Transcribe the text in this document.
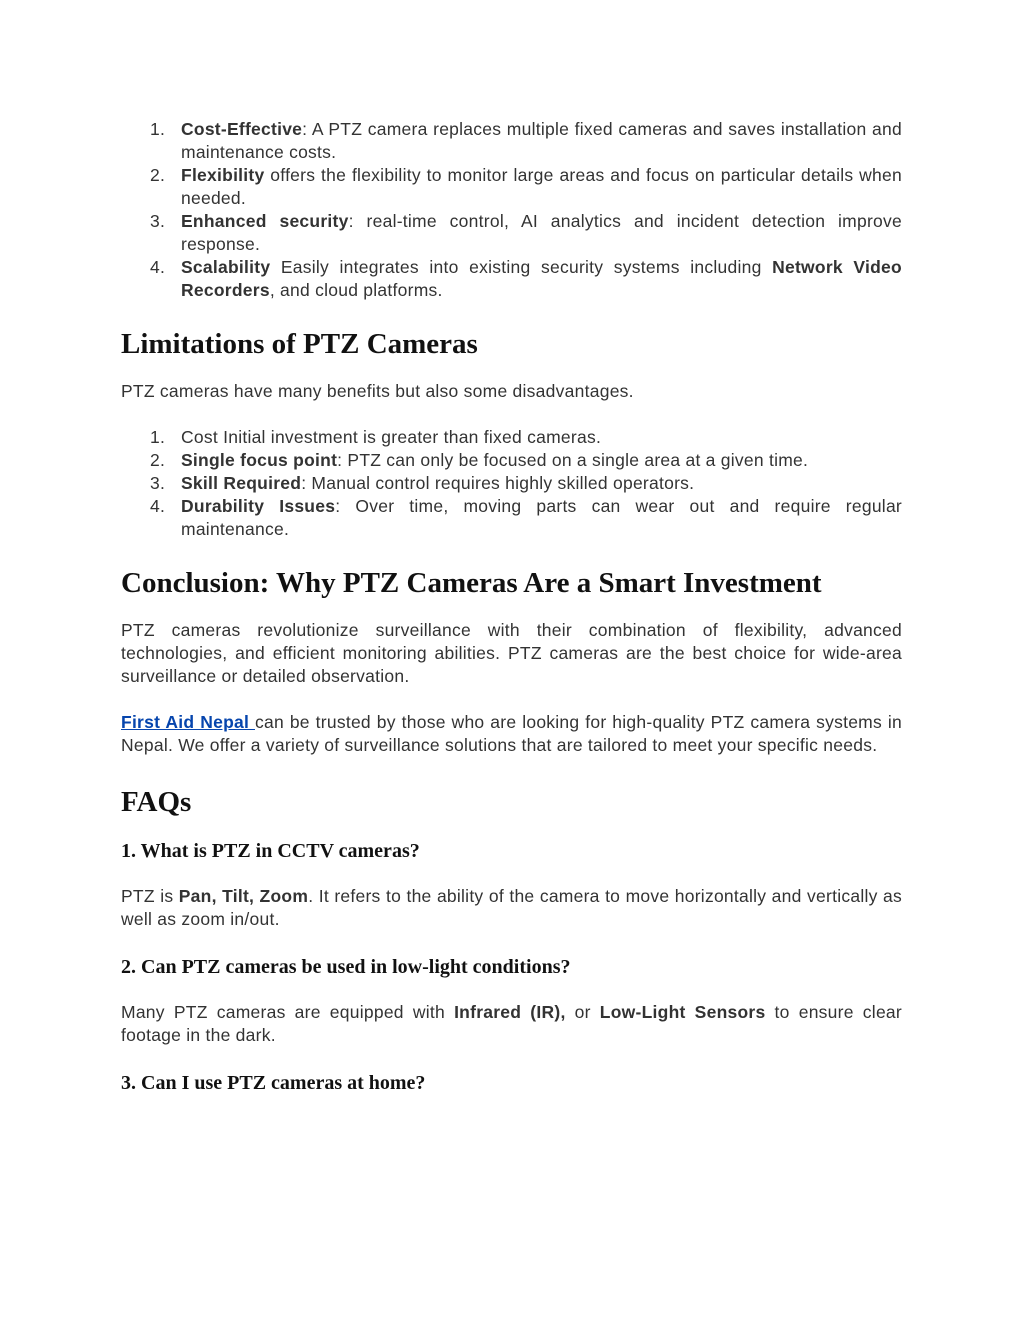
1. Cost-Effective: A PTZ camera replaces multiple fixed cameras and saves installation and maintenance costs.
2. Flexibility offers the flexibility to monitor large areas and focus on particular details when needed.
3. Enhanced security: real-time control, AI analytics and incident detection improve response.
4. Scalability Easily integrates into existing security systems including Network Video Recorders, and cloud platforms.
Limitations of PTZ Cameras

PTZ cameras have many benefits but also some disadvantages.

1. Cost Initial investment is greater than fixed cameras.
2. Single focus point: PTZ can only be focused on a single area at a given time.
3. Skill Required: Manual control requires highly skilled operators.
4. Durability Issues: Over time, moving parts can wear out and require regular maintenance.
Conclusion: Why PTZ Cameras Are a Smart Investment

PTZ cameras revolutionize surveillance with their combination of flexibility, advanced technologies, and efficient monitoring abilities. PTZ cameras are the best choice for wide-area surveillance or detailed observation.

First Aid Nepal can be trusted by those who are looking for high-quality PTZ camera systems in Nepal. We offer a variety of surveillance solutions that are tailored to meet your specific needs.

FAQs
1. What is PTZ in CCTV cameras?

PTZ is Pan, Tilt, Zoom. It refers to the ability of the camera to move horizontally and vertically as well as zoom in/out.

2. Can PTZ cameras be used in low-light conditions?

Many PTZ cameras are equipped with Infrared (IR), or Low-Light Sensors to ensure clear footage in the dark.

3. Can I use PTZ cameras at home?
